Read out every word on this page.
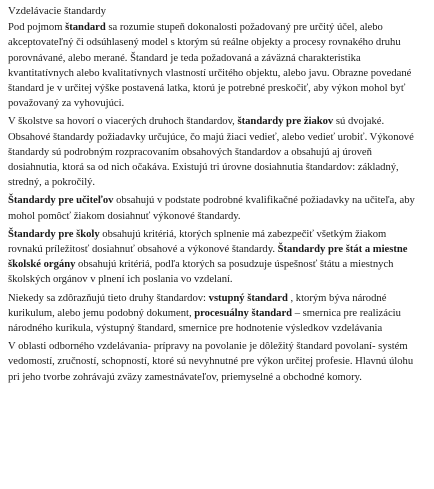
Vzdelávacie štandardy

Pod pojmom štandard sa rozumie stupeň dokonalosti požadovaný pre určitý účel, alebo akceptovateľný či odsúhlasený model s ktorým sú reálne objekty a procesy rovnakého druhu porovnávané, alebo merané. Štandard je teda požadovaná a záväzná charakteristika kvantitatívnych alebo kvalitatívnych vlastností určitého objektu, alebo javu. Obrazne povedané štandard je v určitej výške postavená latka, ktorú je potrebné preskočiť, aby výkon mohol byť považovaný za vyhovujúci.

V školstve sa hovorí o viacerých druhoch štandardov, štandardy pre žiakov sú dvojaké. Obsahové štandardy požiadavky určujúce, čo majú žiaci vedieť, alebo vedieť urobiť. Výkonové štandardy sú podrobným rozpracovaním obsahových štandardov a obsahujú aj úroveň dosiahnutia, ktorá sa od nich očakáva. Existujú tri úrovne dosiahnutia štandardov: základný, stredný, a pokročilý.

Štandardy pre učiteľov obsahujú v podstate podrobné kvalifikačné požiadavky na učiteľa, aby mohol pomôcť žiakom dosiahnuť výkonové štandardy.

Štandardy pre školy obsahujú kritériá, ktorých splnenie má zabezpečiť všetkým žiakom rovnakú príležitosť dosiahnuť obsahové a výkonové štandardy. Štandardy pre štát a miestne školské orgány obsahujú kritériá, podľa ktorých sa posudzuje úspešnosť štátu a miestnych školských orgánov v plnení ich poslania vo vzdelaní.

Niekedy sa zdôrazňujú tieto druhy štandardov: vstupný štandard , ktorým býva národné kurikulum, alebo jemu podobný dokument, procesuálny štandard – smernica pre realizáciu národného kurikula, výstupný štandard, smernice pre hodnotenie výsledkov vzdelávania

V oblasti odborného vzdelávania- prípravy na povolanie je dôležitý štandard povolaní- systém vedomostí, zručností, schopností, ktoré sú nevyhnutné pre výkon určitej profesie. Hlavnú úlohu pri jeho tvorbe zohrávajú zväzy zamestnávateľov, priemyselné a obchodné komory.
